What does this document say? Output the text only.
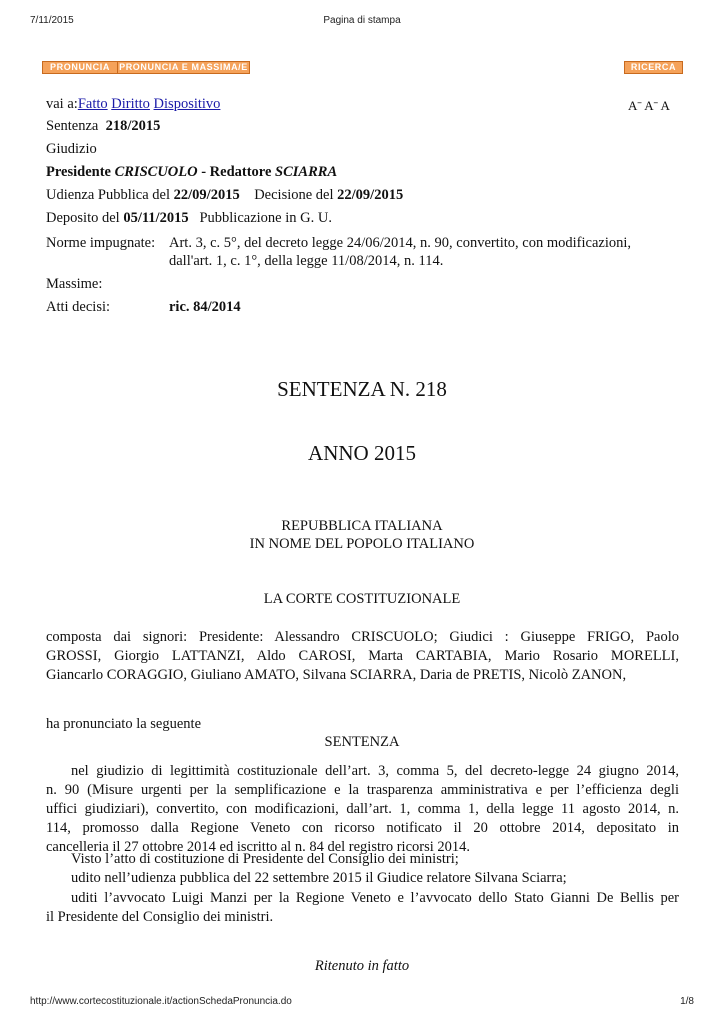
7/11/2015	Pagina di stampa
PRONUNCIA	PRONUNCIA E MASSIMA/E	RICERCA
vai a:Fatto Diritto Dispositivo	Aˉ Aˉ A
Sentenza 218/2015
Giudizio
Presidente CRISCUOLO - Redattore SCIARRA
Udienza Pubblica del 22/09/2015 Decisione del 22/09/2015
Deposito del 05/11/2015 Pubblicazione in G. U.
Norme impugnate: Art. 3, c. 5°, del decreto legge 24/06/2014, n. 90, convertito, con modificazioni,
dall'art. 1, c. 1°, della legge 11/08/2014, n. 114.
Massime:
Atti decisi:	ric. 84/2014
SENTENZA N. 218
ANNO 2015
REPUBBLICA ITALIANA
IN NOME DEL POPOLO ITALIANO
LA CORTE COSTITUZIONALE
composta dai signori: Presidente: Alessandro CRISCUOLO; Giudici : Giuseppe FRIGO, Paolo
GROSSI, Giorgio LATTANZI, Aldo CAROSI, Marta CARTABIA, Mario Rosario MORELLI,
Giancarlo CORAGGIO, Giuliano AMATO, Silvana SCIARRA, Daria de PRETIS, Nicolò ZANON,
ha pronunciato la seguente
SENTENZA
nel giudizio di legittimità costituzionale dell’art. 3, comma 5, del decreto-legge 24 giugno 2014,
n. 90 (Misure urgenti per la semplificazione e la trasparenza amministrativa e per l’efficienza degli
uffici giudiziari), convertito, con modificazioni, dall’art. 1, comma 1, della legge 11 agosto 2014, n.
114, promosso dalla Regione Veneto con ricorso notificato il 20 ottobre 2014, depositato in
cancelleria il 27 ottobre 2014 ed iscritto al n. 84 del registro ricorsi 2014.
Visto l’atto di costituzione di Presidente del Consiglio dei ministri;
udito nell’udienza pubblica del 22 settembre 2015 il Giudice relatore Silvana Sciarra;
uditi l’avvocato Luigi Manzi per la Regione Veneto e l’avvocato dello Stato Gianni De Bellis per
il Presidente del Consiglio dei ministri.
Ritenuto in fatto
http://www.cortecostituzionale.it/actionSchedaPronuncia.do	1/8
